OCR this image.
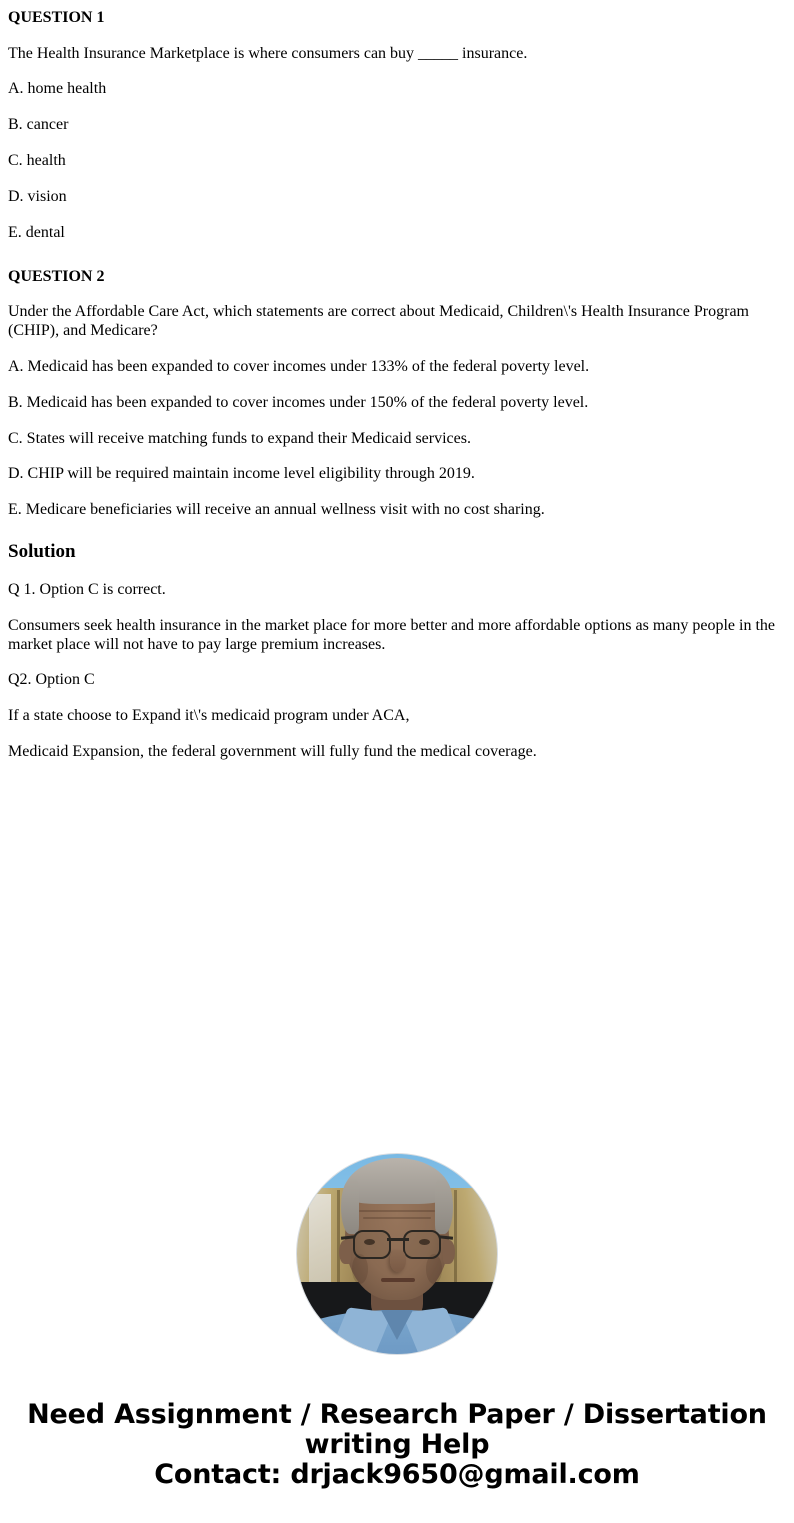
QUESTION 1

The Health Insurance Marketplace is where consumers can buy _____ insurance.

A. home health

B. cancer

C. health

D. vision

E. dental

QUESTION 2

Under the Affordable Care Act, which statements are correct about Medicaid, Children\'s Health Insurance Program (CHIP), and Medicare?

A. Medicaid has been expanded to cover incomes under 133% of the federal poverty level.

B. Medicaid has been expanded to cover incomes under 150% of the federal poverty level.

C. States will receive matching funds to expand their Medicaid services.

D. CHIP will be required maintain income level eligibility through 2019.

E. Medicare beneficiaries will receive an annual wellness visit with no cost sharing.

Solution

Q 1. Option C is correct.

Consumers seek health insurance in the market place for more better and more affordable options as many people in the market place will not have to pay large premium increases.

Q2. Option C

If a state choose to Expand it\'s medicaid program under ACA,

Medicaid Expansion, the federal government will fully fund the medical coverage.

Need Assignment / Research Paper / Dissertation
writing Help
Contact: drjack9650@gmail.com
